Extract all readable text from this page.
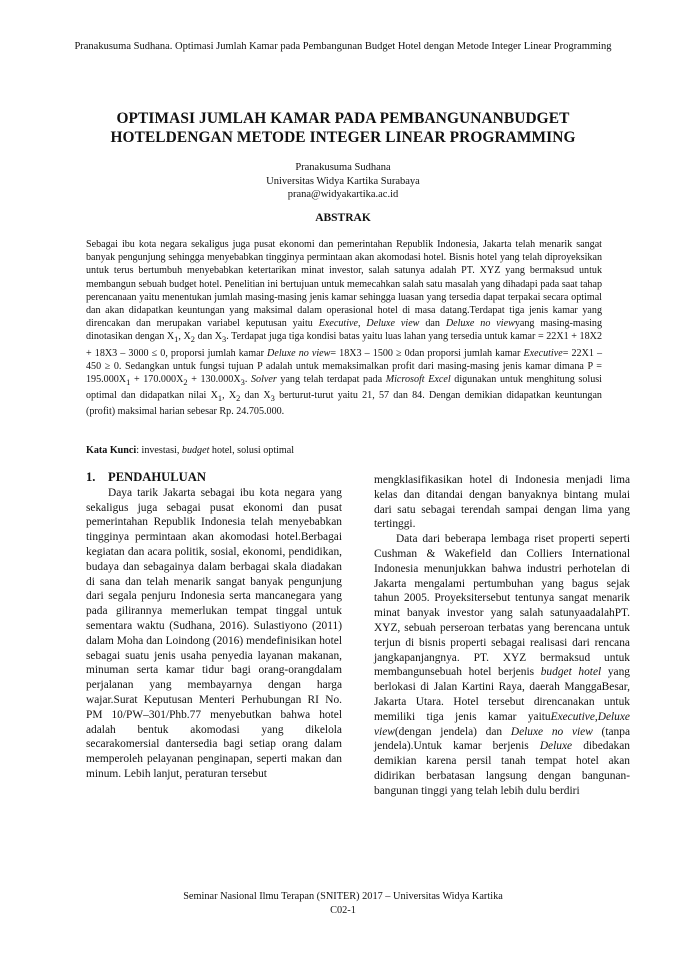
Pranakusuma Sudhana. Optimasi Jumlah Kamar pada Pembangunan Budget Hotel dengan Metode Integer Linear Programming
OPTIMASI JUMLAH KAMAR PADA PEMBANGUNANBUDGET
HOTELDENGAN METODE INTEGER LINEAR PROGRAMMING
Pranakusuma Sudhana
Universitas Widya Kartika Surabaya
prana@widyakartika.ac.id
ABSTRAK

Sebagai ibu kota negara sekaligus juga pusat ekonomi dan pemerintahan Republik Indonesia, Jakarta telah menarik sangat banyak pengunjung sehingga menyebabkan tingginya permintaan akan akomodasi hotel. Bisnis hotel yang telah diproyeksikan untuk terus bertumbuh menyebabkan ketertarikan minat investor, salah satunya adalah PT. XYZ yang bermaksud untuk membangun sebuah budget hotel. Penelitian ini bertujuan untuk memecahkan salah satu masalah yang dihadapi pada saat tahap perencanaan yaitu menentukan jumlah masing-masing jenis kamar sehingga luasan yang tersedia dapat terpakai secara optimal dan akan didapatkan keuntungan yang maksimal dalam operasional hotel di masa datang.Terdapat tiga jenis kamar yang direncakan dan merupakan variabel keputusan yaitu Executive, Deluxe view dan Deluxe no viewyang masing-masing dinotasikan dengan $X_1$, $X_2$ dan $X_3$. Terdapat juga tiga kondisi batas yaitu luas lahan yang tersedia untuk kamar = 22X1 + 18X2 + 18X3 – 3000 ≤ 0, proporsi jumlah kamar Deluxe no view= 18X3 – 1500 ≥ 0dan proporsi jumlah kamar Executive= 22X1 – 450 ≥ 0. Sedangkan untuk fungsi tujuan P adalah untuk memaksimalkan profit dari masing-masing jenis kamar dimana $P = 195.000X_1 + 170.000X_2 + 130.000X_3$. Solver yang telah terdapat pada Microsoft Excel digunakan untuk menghitung solusi optimal dan didapatkan nilai $X_1$, $X_2$ dan $X_3$ berturut-turut yaitu 21, 57 dan 84. Dengan demikian didapatkan keuntungan (profit) maksimal harian sebesar Rp. 24.705.000.

Kata Kunci: investasi, budget hotel, solusi optimal

1. PENDAHULUAN

Daya tarik Jakarta sebagai ibu kota negara yang sekaligus juga sebagai pusat ekonomi dan pusat pemerintahan Republik Indonesia telah menyebabkan tingginya permintaan akan akomodasi hotel.Berbagai kegiatan dan acara politik, sosial, ekonomi, pendidikan, budaya dan sebagainya dalam berbagai skala diadakan di sana dan telah menarik sangat banyak pengunjung dari segala penjuru Indonesia serta mancanegara yang pada gilirannya memerlukan tempat tinggal untuk sementara waktu (Sudhana, 2016). Sulastiyono (2011) dalam Moha dan Loindong (2016) mendefinisikan hotel sebagai suatu jenis usaha penyedia layanan makanan, minuman serta kamar tidur bagi orang-orangdalam perjalanan yang membayarnya dengan harga wajar.Surat Keputusan Menteri Perhubungan RI No. PM 10/PW–301/Phb.77 menyebutkan bahwa hotel adalah bentuk akomodasi yang dikelola secarakomersial dantersedia bagi setiap orang dalam memperoleh pelayanan penginapan, seperti makan dan minum. Lebih lanjut, peraturan tersebut

mengklasifikasikan hotel di Indonesia menjadi lima kelas dan ditandai dengan banyaknya bintang mulai dari satu sebagai terendah sampai dengan lima yang tertinggi.

Data dari beberapa lembaga riset properti seperti Cushman & Wakefield dan Colliers International Indonesia menunjukkan bahwa industri perhotelan di Jakarta mengalami pertumbuhan yang bagus sejak tahun 2005. Proyeksitersebut tentunya sangat menarik minat banyak investor yang salah satunyaadalahPT. XYZ, sebuah perseroan terbatas yang berencana untuk terjun di bisnis properti sebagai realisasi dari rencana jangkapanjangnya. PT. XYZ bermaksud untuk membangunsebuah hotel berjenis budget hotel yang berlokasi di Jalan Kartini Raya, daerah ManggaBesar, Jakarta Utara. Hotel tersebut direncanakan untuk memiliki tiga jenis kamar yaituExecutive,Deluxe view(dengan jendela) dan Deluxe no view (tanpa jendela).Untuk kamar berjenis Deluxe dibedakan demikian karena persil tanah tempat hotel akan didirikan berbatasan langsung dengan bangunan-bangunan tinggi yang telah lebih dulu berdiri

Seminar Nasional Ilmu Terapan (SNITER) 2017 – Universitas Widya Kartika
C02-1
